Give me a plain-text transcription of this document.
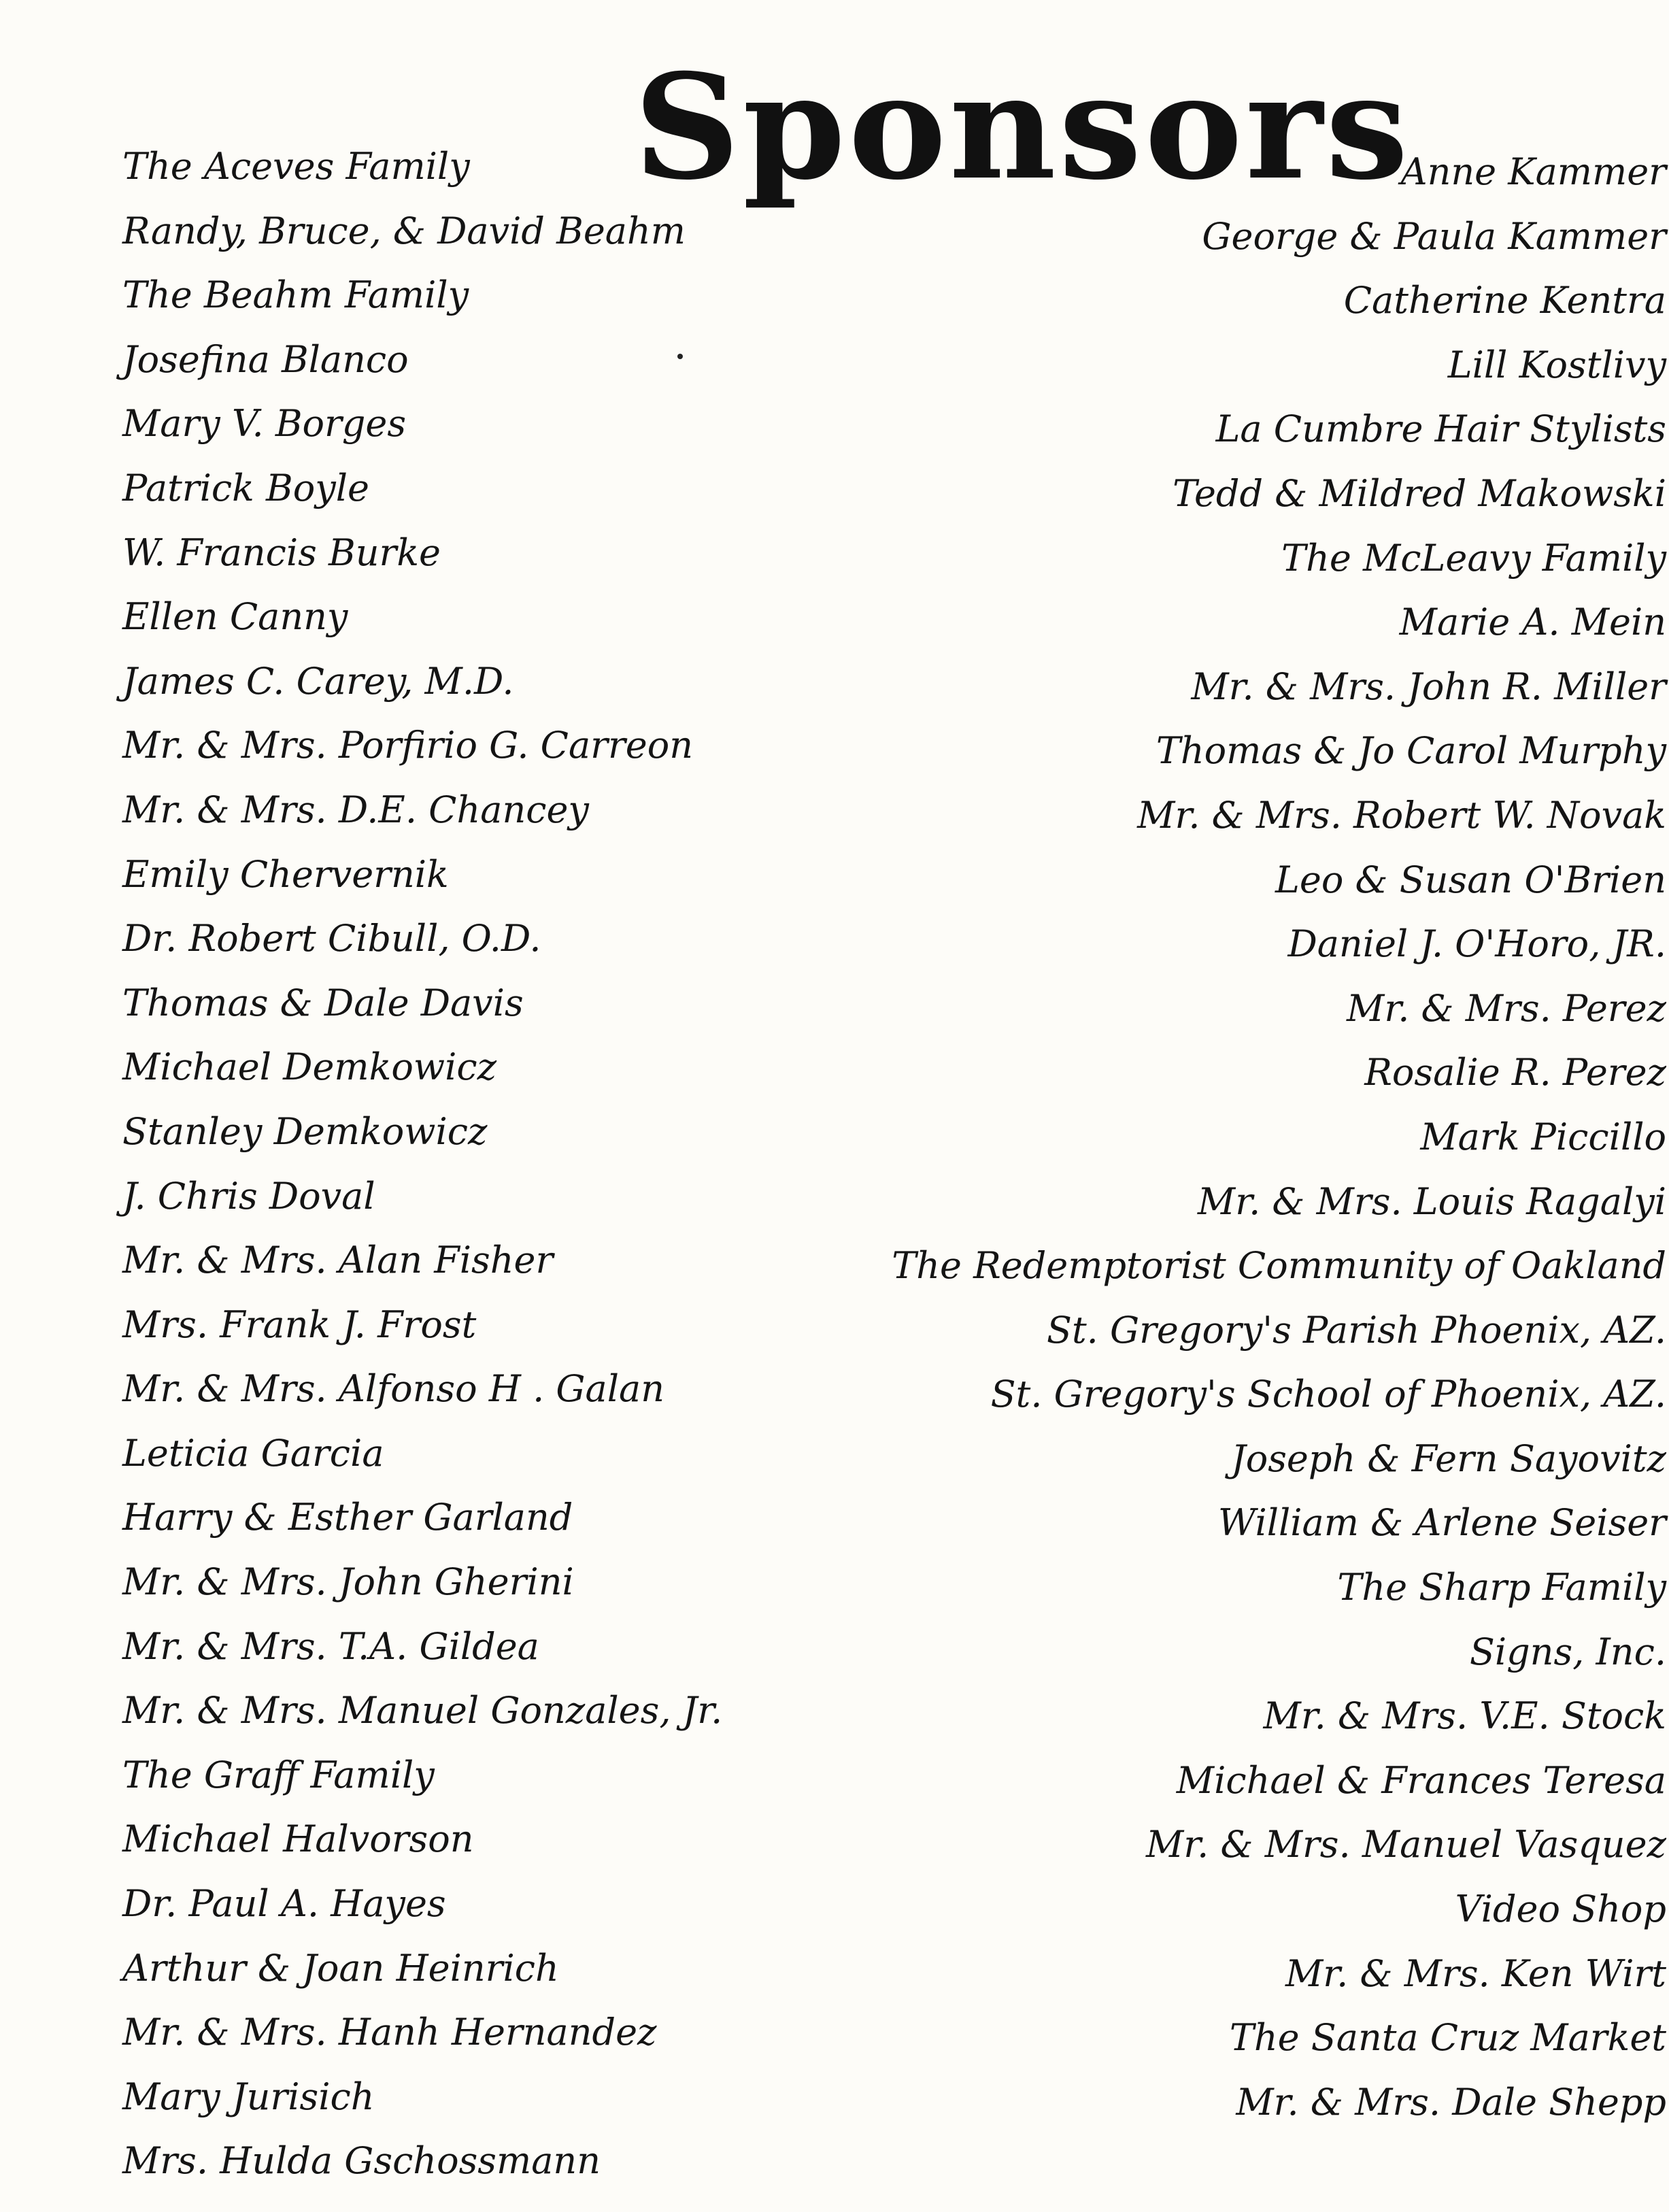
Sponsors
The Aceves Family
Randy, Bruce, & David Beahm
The Beahm Family
Josefina Blanco
Mary V. Borges
Patrick Boyle
W. Francis Burke
Ellen Canny
James C. Carey, M.D.
Mr. & Mrs. Porfirio G. Carreon
Mr. & Mrs. D.E. Chancey
Emily Chervernik
Dr. Robert Cibull, O.D.
Thomas & Dale Davis
Michael Demkowicz
Stanley Demkowicz
J. Chris Doval
Mr. & Mrs. Alan Fisher
Mrs. Frank J. Frost
Mr. & Mrs. Alfonso H . Galan
Leticia Garcia
Harry & Esther Garland
Mr. & Mrs. John Gherini
Mr. & Mrs. T.A. Gildea
Mr. & Mrs. Manuel Gonzales, Jr.
The Graff Family
Michael Halvorson
Dr. Paul A. Hayes
Arthur & Joan Heinrich
Mr. & Mrs. Hanh Hernandez
Mary Jurisich
Mrs. Hulda Gschossmann
Anne Kammer
George & Paula Kammer
Catherine Kentra
Lill Kostlivy
La Cumbre Hair Stylists
Tedd & Mildred Makowski
The McLeavy Family
Marie A. Mein
Mr. & Mrs. John R. Miller
Thomas & Jo Carol Murphy
Mr. & Mrs. Robert W. Novak
Leo & Susan O'Brien
Daniel J. O'Horo, JR.
Mr. & Mrs. Perez
Rosalie R. Perez
Mark Piccillo
Mr. & Mrs. Louis Ragalyi
The Redemptorist Community of Oakland
St. Gregory's Parish Phoenix, AZ.
St. Gregory's School of Phoenix, AZ.
Joseph & Fern Sayovitz
William & Arlene Seiser
The Sharp Family
Signs, Inc.
Mr. & Mrs. V.E. Stock
Michael & Frances Teresa
Mr. & Mrs. Manuel Vasquez
Video Shop
Mr. & Mrs. Ken Wirt
The Santa Cruz Market
Mr. & Mrs. Dale Shepp
